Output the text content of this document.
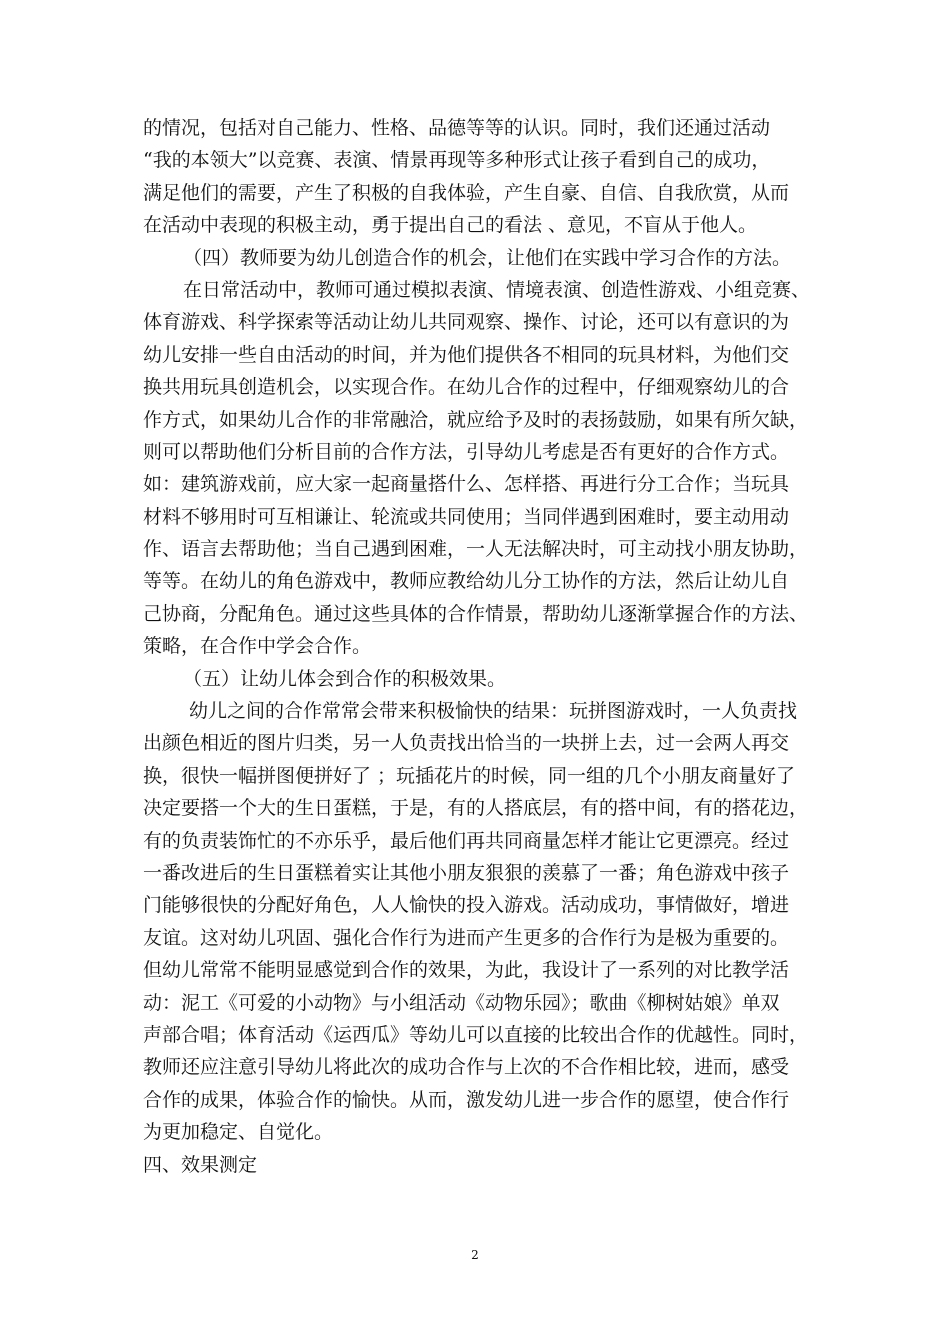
的情况，包括对自己能力、性格、品德等等的认识。同时，我们还通过活动
“我的本领大”以竞赛、表演、情景再现等多种形式让孩子看到自己的成功，
满足他们的需要，产生了积极的自我体验，产生自豪、自信、自我欣赏，从而
在活动中表现的积极主动，勇于提出自己的看法 、意见，不盲从于他人。
（四）教师要为幼儿创造合作的机会，让他们在实践中学习合作的方法。
在日常活动中，教师可通过模拟表演、情境表演、创造性游戏、小组竞赛、
体育游戏、科学探索等活动让幼儿共同观察、操作、讨论，还可以有意识的为
幼儿安排一些自由活动的时间，并为他们提供各不相同的玩具材料，为他们交
换共用玩具创造机会，以实现合作。在幼儿合作的过程中，仔细观察幼儿的合
作方式，如果幼儿合作的非常融洽，就应给予及时的表扬鼓励，如果有所欠缺，
则可以帮助他们分析目前的合作方法，引导幼儿考虑是否有更好的合作方式。
如：建筑游戏前，应大家一起商量搭什么、怎样搭、再进行分工合作；当玩具
材料不够用时可互相谦让、轮流或共同使用；当同伴遇到困难时，要主动用动
作、语言去帮助他；当自己遇到困难，一人无法解决时，可主动找小朋友协助，
等等。在幼儿的角色游戏中，教师应教给幼儿分工协作的方法，然后让幼儿自
己协商，分配角色。通过这些具体的合作情景，帮助幼儿逐渐掌握合作的方法、
策略，在合作中学会合作。
（五）让幼儿体会到合作的积极效果。
幼儿之间的合作常常会带来积极愉快的结果：玩拼图游戏时，一人负责找
出颜色相近的图片归类，另一人负责找出恰当的一块拼上去，过一会两人再交
换，很快一幅拼图便拼好了 ；玩插花片的时候，同一组的几个小朋友商量好了
决定要搭一个大的生日蛋糕，于是，有的人搭底层，有的搭中间，有的搭花边，
有的负责装饰忙的不亦乐乎，最后他们再共同商量怎样才能让它更漂亮。经过
一番改进后的生日蛋糕着实让其他小朋友狠狠的羡慕了一番；角色游戏中孩子
门能够很快的分配好角色，人人愉快的投入游戏。活动成功，事情做好，增进
友谊。这对幼儿巩固、强化合作行为进而产生更多的合作行为是极为重要的。
但幼儿常常不能明显感觉到合作的效果，为此，我设计了一系列的对比教学活
动：泥工《可爱的小动物》与小组活动《动物乐园》；歌曲《柳树姑娘》单双
声部合唱；体育活动《运西瓜》等幼儿可以直接的比较出合作的优越性。同时，
教师还应注意引导幼儿将此次的成功合作与上次的不合作相比较，进而，感受
合作的成果，体验合作的愉快。从而，激发幼儿进一步合作的愿望，使合作行
为更加稳定、自觉化。
四、效果测定
2
